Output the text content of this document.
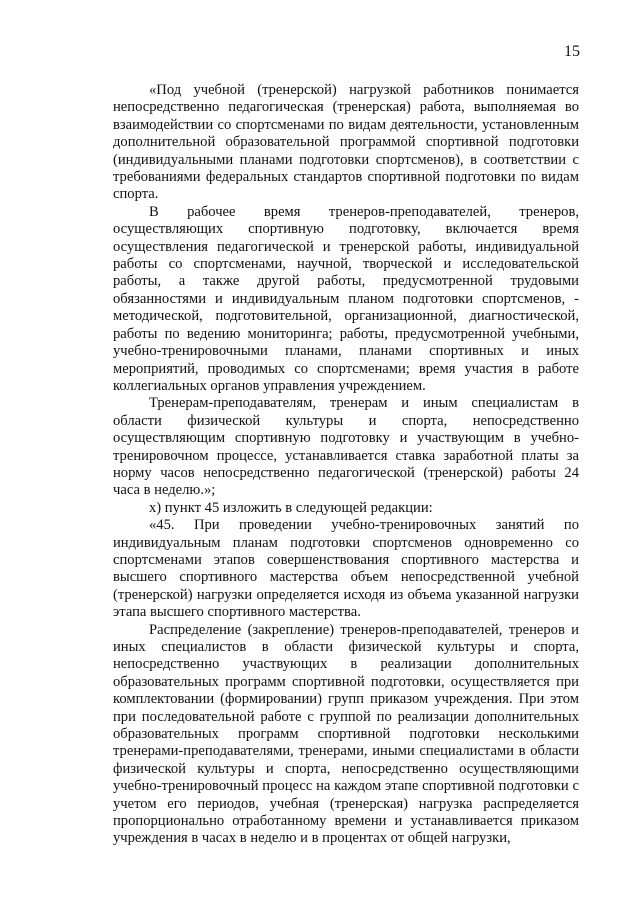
15

«Под учебной (тренерской) нагрузкой работников понимается непосредственно педагогическая (тренерская) работа, выполняемая во взаимодействии со спортсменами по видам деятельности, установленным дополнительной образовательной программой спортивной подготовки (индивидуальными планами подготовки спортсменов), в соответствии с требованиями федеральных стандартов спортивной подготовки по видам спорта.

В рабочее время тренеров-преподавателей, тренеров, осуществляющих спортивную подготовку, включается время осуществления педагогической и тренерской работы, индивидуальной работы со спортсменами, научной, творческой и исследовательской работы, а также другой работы, предусмотренной трудовыми обязанностями и индивидуальным планом подготовки спортсменов, - методической, подготовительной, организационной, диагностической, работы по ведению мониторинга; работы, предусмотренной учебными, учебно-тренировочными планами, планами спортивных и иных мероприятий, проводимых со спортсменами; время участия в работе коллегиальных органов управления учреждением.

Тренерам-преподавателям, тренерам и иным специалистам в области физической культуры и спорта, непосредственно осуществляющим спортивную подготовку и участвующим в учебно-тренировочном процессе, устанавливается ставка заработной платы за норму часов непосредственно педагогической (тренерской) работы 24 часа в неделю.»;

х) пункт 45 изложить в следующей редакции:

«45. При проведении учебно-тренировочных занятий по индивидуальным планам подготовки спортсменов одновременно со спортсменами этапов совершенствования спортивного мастерства и высшего спортивного мастерства объем непосредственной учебной (тренерской) нагрузки определяется исходя из объема указанной нагрузки этапа высшего спортивного мастерства.

Распределение (закрепление) тренеров-преподавателей, тренеров и иных специалистов в области физической культуры и спорта, непосредственно участвующих в реализации дополнительных образовательных программ спортивной подготовки, осуществляется при комплектовании (формировании) групп приказом учреждения. При этом при последовательной работе с группой по реализации дополнительных образовательных программ спортивной подготовки несколькими тренерами-преподавателями, тренерами, иными специалистами в области физической культуры и спорта, непосредственно осуществляющими учебно-тренировочный процесс на каждом этапе спортивной подготовки с учетом его периодов, учебная (тренерская) нагрузка распределяется пропорционально отработанному времени и устанавливается приказом учреждения в часах в неделю и в процентах от общей нагрузки,
